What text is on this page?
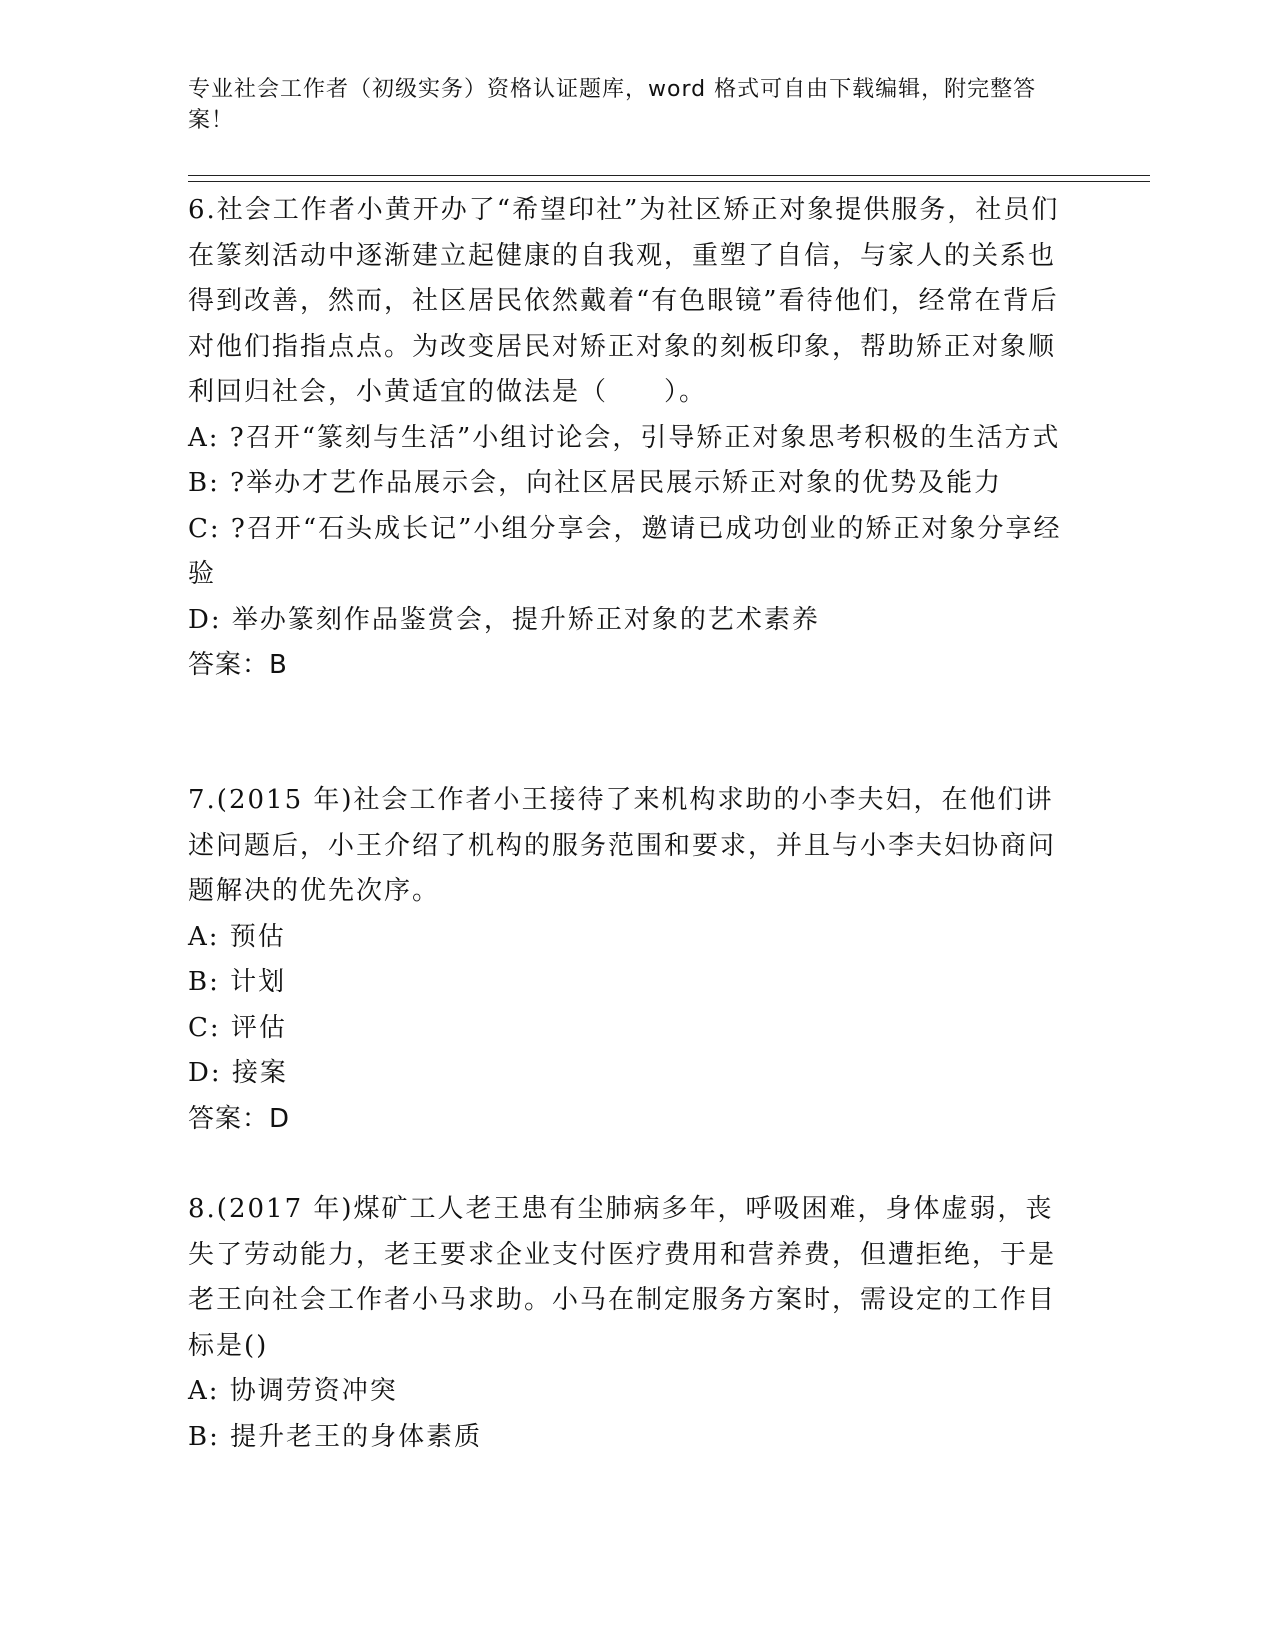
专业社会工作者（初级实务）资格认证题库，word 格式可自由下载编辑，附完整答案！

6.社会工作者小黄开办了“希望印社”为社区矫正对象提供服务，社员们在篆刻活动中逐渐建立起健康的自我观，重塑了自信，与家人的关系也得到改善，然而，社区居民依然戴着“有色眼镜”看待他们，经常在背后对他们指指点点。为改变居民对矫正对象的刻板印象，帮助矫正对象顺利回归社会，小黄适宜的做法是（　　）。

A: ?召开“篆刻与生活”小组讨论会，引导矫正对象思考积极的生活方式

B: ?举办才艺作品展示会，向社区居民展示矫正对象的优势及能力

C: ?召开“石头成长记”小组分享会，邀请已成功创业的矫正对象分享经验

D: 举办篆刻作品鉴赏会，提升矫正对象的艺术素养

答案：B

7.(2015 年)社会工作者小王接待了来机构求助的小李夫妇，在他们讲述问题后，小王介绍了机构的服务范围和要求，并且与小李夫妇协商问题解决的优先次序。

A: 预估

B: 计划

C: 评估

D: 接案

答案：D

8.(2017 年)煤矿工人老王患有尘肺病多年，呼吸困难，身体虚弱，丧失了劳动能力，老王要求企业支付医疗费用和营养费，但遭拒绝，于是老王向社会工作者小马求助。小马在制定服务方案时，需设定的工作目标是()

A: 协调劳资冲突

B: 提升老王的身体素质
